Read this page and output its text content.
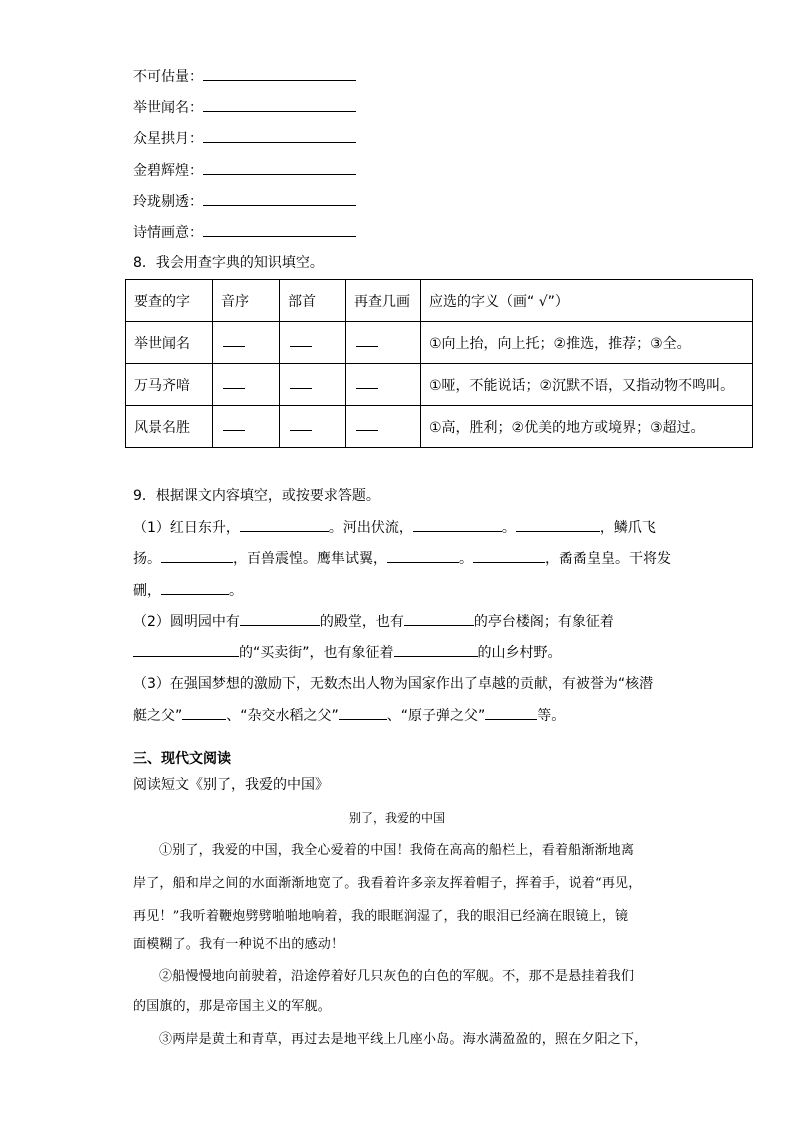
不可估量：
举世闻名：
众星拱月：
金碧辉煌：
玲珑剔透：
诗情画意：
8．我会用查字典的知识填空。
要查的字	音序	部首	再查几画	应选的字义（画“ √”）
举世闻名				①向上抬，向上托；②推选，推荐；③全。
万马齐喑				①哑，不能说话；②沉默不语，又指动物不鸣叫。
风景名胜				①高，胜利；②优美的地方或境界；③超过。
9．根据课文内容填空，或按要求答题。
（1）红日东升，	。河出伏流，	。	，鳞爪飞
扬。	，百兽震惶。鹰隼试翼，	。	，矞矞皇皇。干将发
硎，	。
（2）圆明园中有	的殿堂，也有	的亭台楼阁；有象征着
的“买卖街”，也有象征着	的山乡村野。
（3）在强国梦想的激励下，无数杰出人物为国家作出了卓越的贡献，有被誉为“核潜
艇之父”	、“杂交水稻之父”	、“原子弹之父”	等。
三、现代文阅读
阅读短文《别了，我爱的中国》
别了，我爱的中国
①别了，我爱的中国，我全心爱着的中国！我倚在高高的船栏上，看着船渐渐地离
岸了，船和岸之间的水面渐渐地宽了。我看着许多亲友挥着帽子，挥着手，说着“再见，
再见！”我听着鞭炮劈劈啪啪地响着，我的眼眶润湿了，我的眼泪已经滴在眼镜上，镜
面模糊了。我有一种说不出的感动！
②船慢慢地向前驶着，沿途停着好几只灰色的白色的军舰。不，那不是悬挂着我们
的国旗的，那是帝国主义的军舰。
③两岸是黄土和青草，再过去是地平线上几座小岛。海水满盈盈的，照在夕阳之下，
